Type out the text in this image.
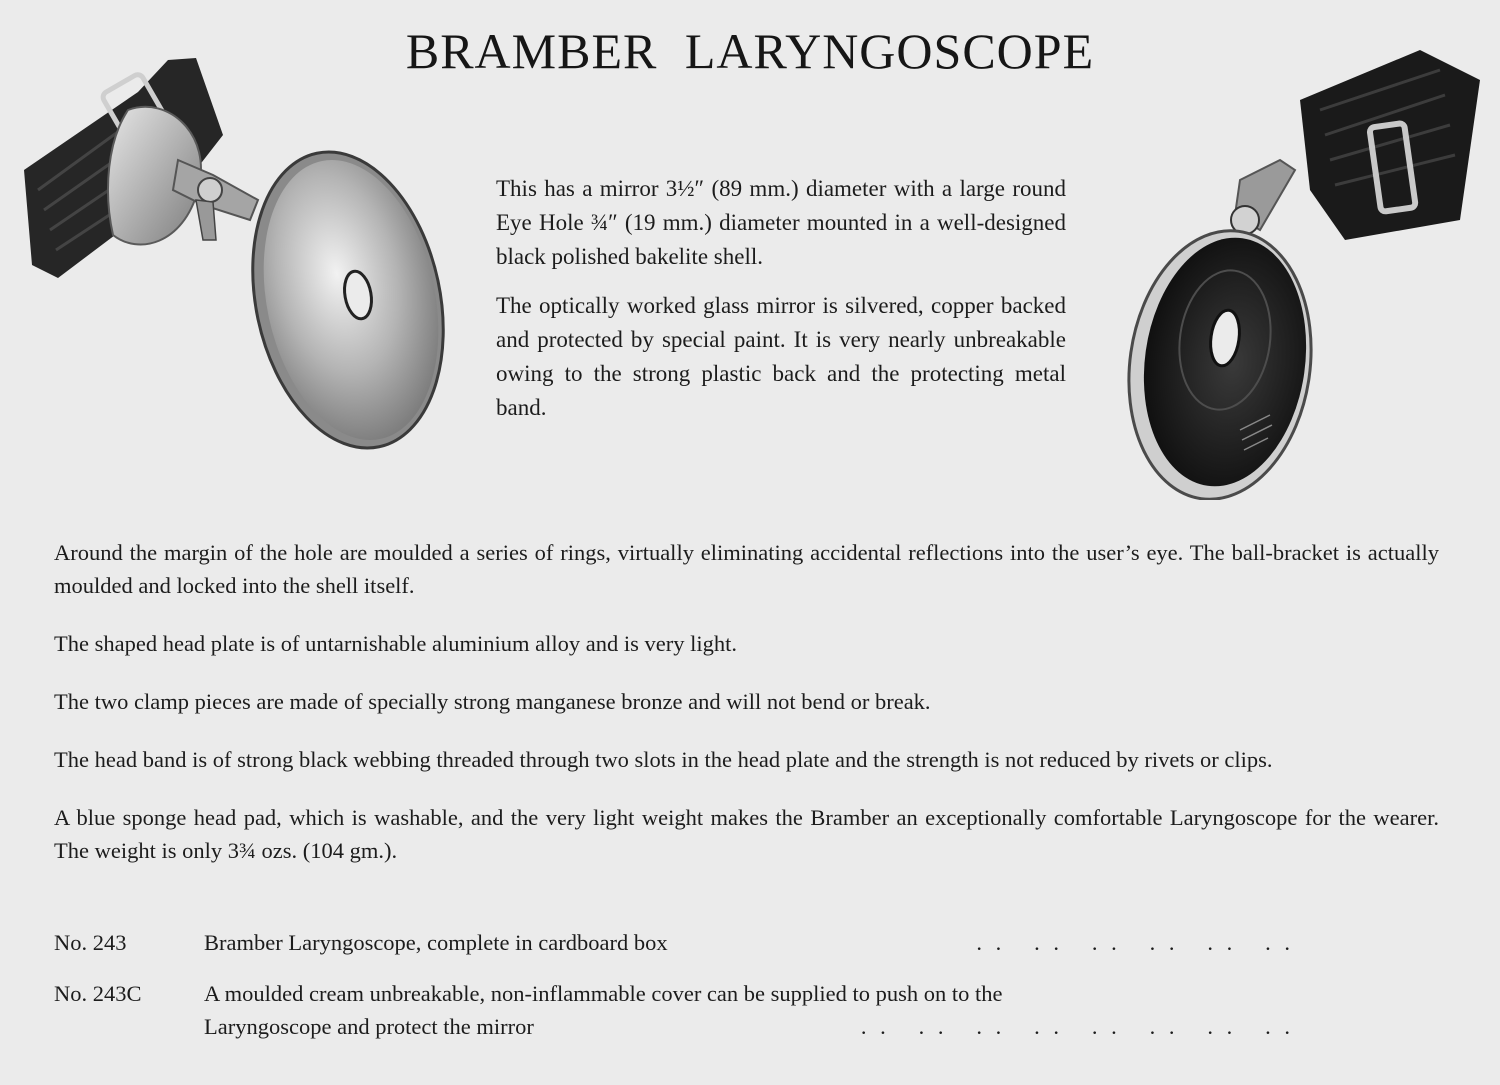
BRAMBER LARYNGOSCOPE

This has a mirror 3½″ (89 mm.) diameter with a large round Eye Hole ¾″ (19 mm.) diameter mounted in a well-designed black polished bakelite shell.

The optically worked glass mirror is silvered, copper backed and protected by special paint. It is very nearly unbreakable owing to the strong plastic back and the protecting metal band.

Around the margin of the hole are moulded a series of rings, virtually eliminating accidental reflections into the user’s eye. The ball-bracket is actually moulded and locked into the shell itself.

The shaped head plate is of untarnishable aluminium alloy and is very light.

The two clamp pieces are made of specially strong manganese bronze and will not bend or break.

The head band is of strong black webbing threaded through two slots in the head plate and the strength is not reduced by rivets or clips.

A blue sponge head pad, which is washable, and the very light weight makes the Bramber an exceptionally comfortable Laryngoscope for the wearer. The weight is only 3¾ ozs. (104 gm.).

No. 243	Bramber Laryngoscope, complete in cardboard box	. .   . .   . .   . .   . .   . .
No. 243C	A moulded cream unbreakable, non-inflammable cover can be supplied to push on to the
Laryngoscope and protect the mirror	. .   . .   . .   . .   . .   . .   . .   . .
